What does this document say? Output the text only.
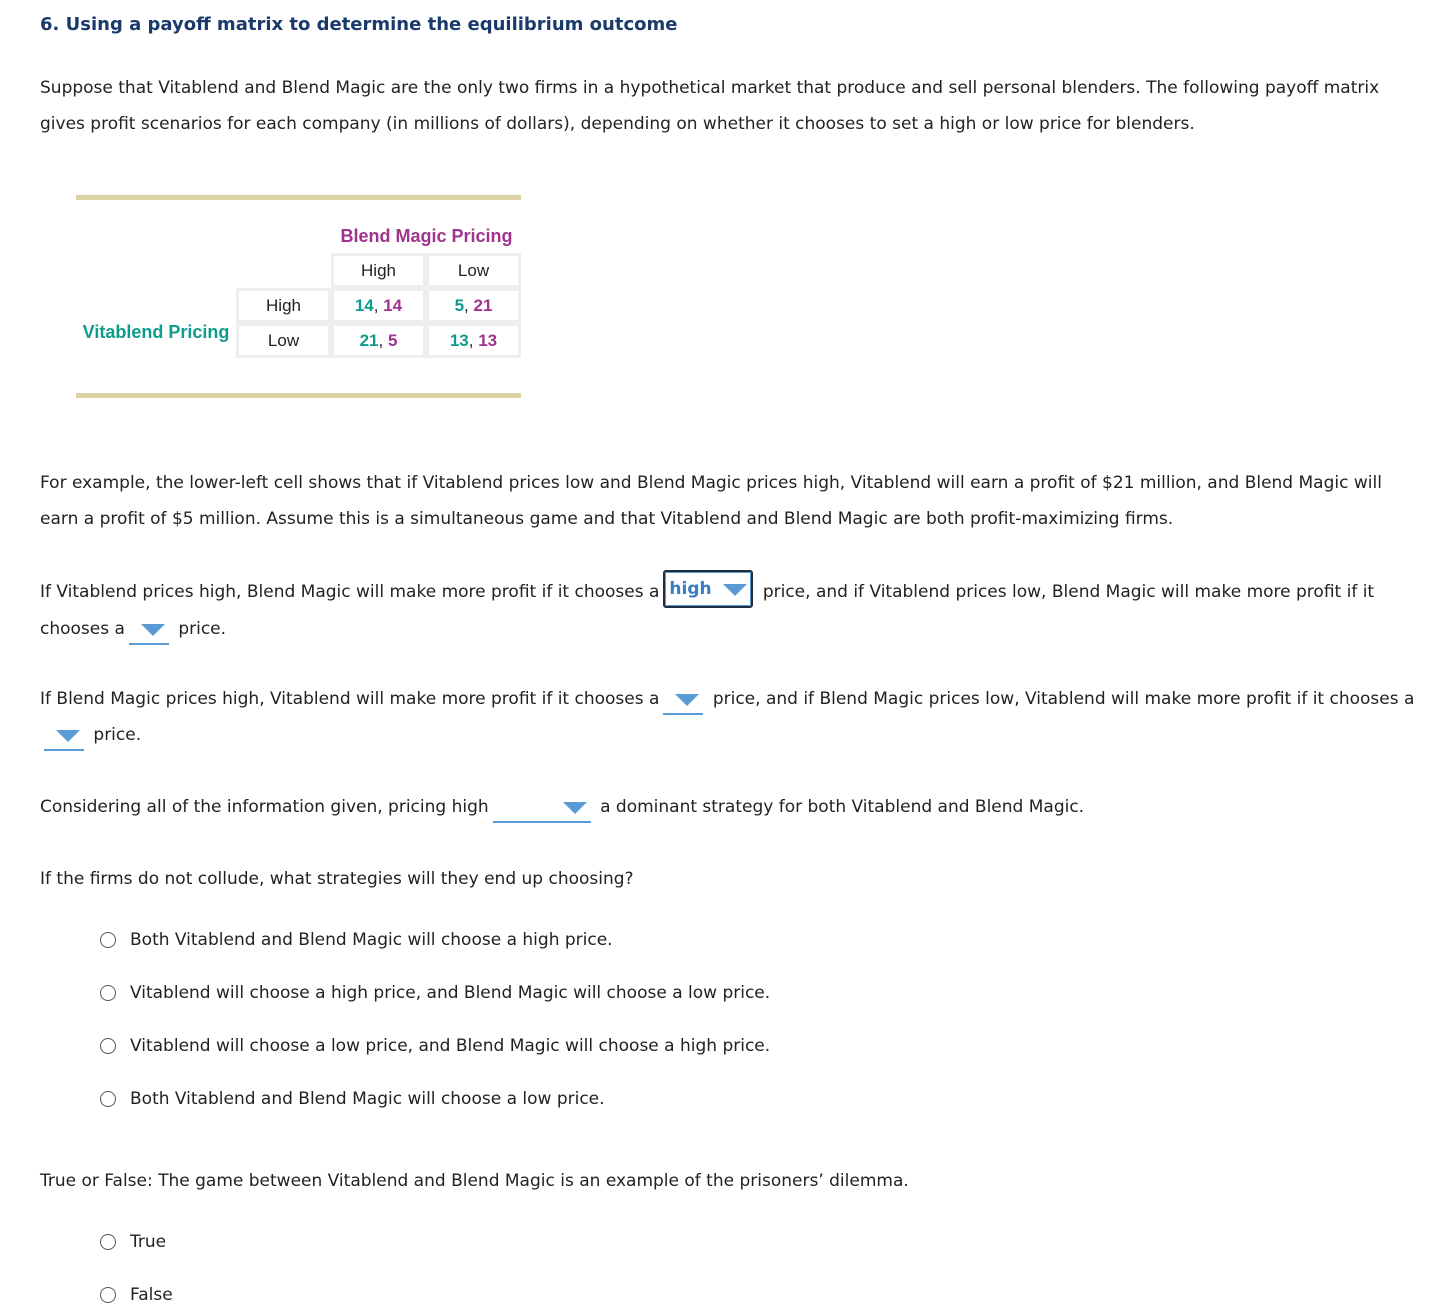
6. Using a payoff matrix to determine the equilibrium outcome
Suppose that Vitablend and Blend Magic are the only two firms in a hypothetical market that produce and sell personal blenders. The following payoff matrix gives profit scenarios for each company (in millions of dollars), depending on whether it chooses to set a high or low price for blenders.
Blend Magic Pricing
Vitablend Pricing
	High	Low
High	14, 14	5, 21
Low	21, 5	13, 13
For example, the lower-left cell shows that if Vitablend prices low and Blend Magic prices high, Vitablend will earn a profit of $21 million, and Blend Magic will earn a profit of $5 million. Assume this is a simultaneous game and that Vitablend and Blend Magic are both profit-maximizing firms.
If Vitablend prices high, Blend Magic will make more profit if it chooses a high	price, and if Vitablend prices low, Blend Magic will make more profit if it chooses a	price.
If Blend Magic prices high, Vitablend will make more profit if it chooses a	price, and if Blend Magic prices low, Vitablend will make more profit if it chooses a
price.
Considering all of the information given, pricing high	a dominant strategy for both Vitablend and Blend Magic.
If the firms do not collude, what strategies will they end up choosing?
Both Vitablend and Blend Magic will choose a high price.
Vitablend will choose a high price, and Blend Magic will choose a low price.
Vitablend will choose a low price, and Blend Magic will choose a high price.
Both Vitablend and Blend Magic will choose a low price.
True or False: The game between Vitablend and Blend Magic is an example of the prisoners’ dilemma.
True
False
